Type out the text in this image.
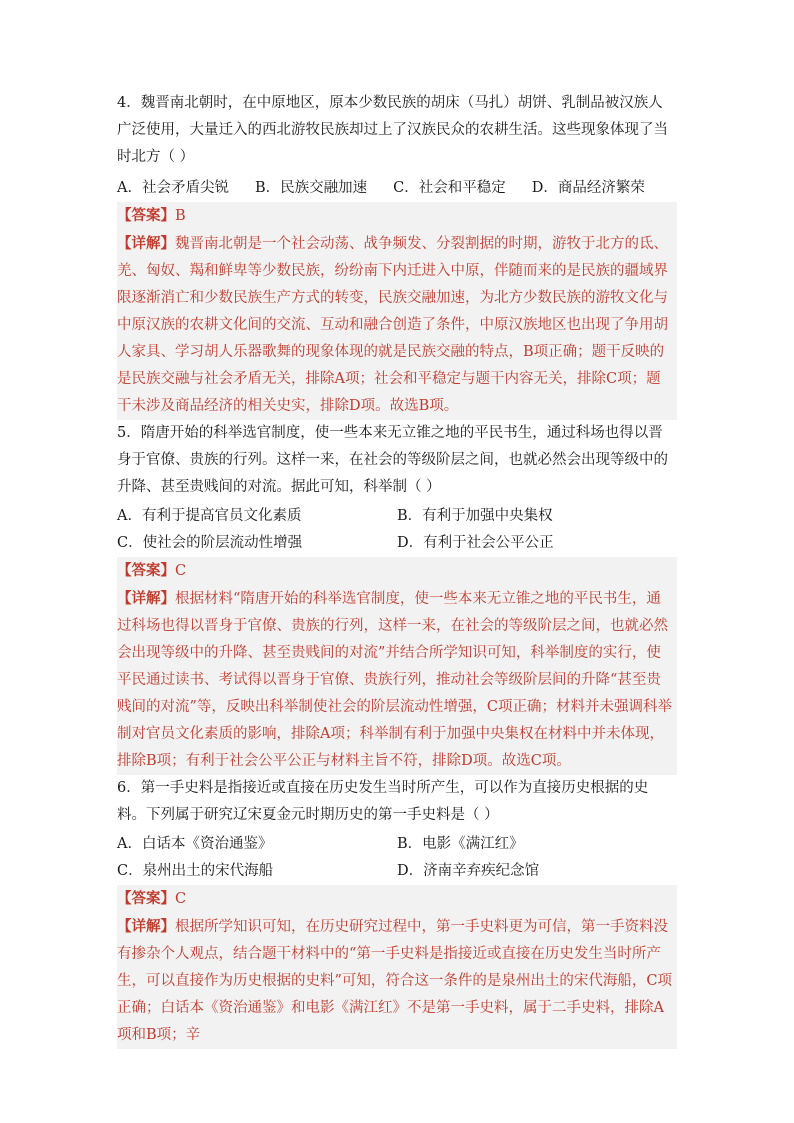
4．魏晋南北朝时，在中原地区，原本少数民族的胡床（马扎）胡饼、乳制品被汉族人广泛使用，大量迁入的西北游牧民族却过上了汉族民众的农耕生活。这些现象体现了当时北方（ ）

A．社会矛盾尖锐 B．民族交融加速 C．社会和平稳定 D．商品经济繁荣

【答案】B

【详解】魏晋南北朝是一个社会动荡、战争频发、分裂割据的时期，游牧于北方的氐、羌、匈奴、羯和鲜卑等少数民族，纷纷南下内迁进入中原，伴随而来的是民族的疆域界限逐渐消亡和少数民族生产方式的转变，民族交融加速，为北方少数民族的游牧文化与中原汉族的农耕文化间的交流、互动和融合创造了条件，中原汉族地区也出现了争用胡人家具、学习胡人乐器歌舞的现象体现的就是民族交融的特点，B项正确；题干反映的是民族交融与社会矛盾无关，排除A项；社会和平稳定与题干内容无关，排除C项；题干未涉及商品经济的相关史实，排除D项。故选B项。

5．隋唐开始的科举选官制度，使一些本来无立锥之地的平民书生，通过科场也得以晋身于官僚、贵族的行列。这样一来，在社会的等级阶层之间，也就必然会出现等级中的升降、甚至贵贱间的对流。据此可知，科举制（ ）

A．有利于提高官员文化素质	B．有利于加强中央集权
C．使社会的阶层流动性增强	D．有利于社会公平公正

【答案】C

【详解】根据材料“隋唐开始的科举选官制度，使一些本来无立锥之地的平民书生，通过科场也得以晋身于官僚、贵族的行列，这样一来，在社会的等级阶层之间，也就必然会出现等级中的升降、甚至贵贱间的对流”并结合所学知识可知，科举制度的实行，使平民通过读书、考试得以晋身于官僚、贵族行列，推动社会等级阶层间的升降“甚至贵贱间的对流”等，反映出科举制使社会的阶层流动性增强，C项正确；材料并未强调科举制对官员文化素质的影响，排除A项；科举制有利于加强中央集权在材料中并未体现，排除B项；有利于社会公平公正与材料主旨不符，排除D项。故选C项。

6．第一手史料是指接近或直接在历史发生当时所产生，可以作为直接历史根据的史料。下列属于研究辽宋夏金元时期历史的第一手史料是（ ）

A．白话本《资治通鉴》	B．电影《满江红》
C．泉州出土的宋代海船	D．济南辛弃疾纪念馆

【答案】C

【详解】根据所学知识可知，在历史研究过程中，第一手史料更为可信，第一手资料没有掺杂个人观点，结合题干材料中的“第一手史料是指接近或直接在历史发生当时所产生，可以直接作为历史根据的史料”可知，符合这一条件的是泉州出土的宋代海船，C项正确；白话本《资治通鉴》和电影《满江红》不是第一手史料，属于二手史料，排除A项和B项；辛
